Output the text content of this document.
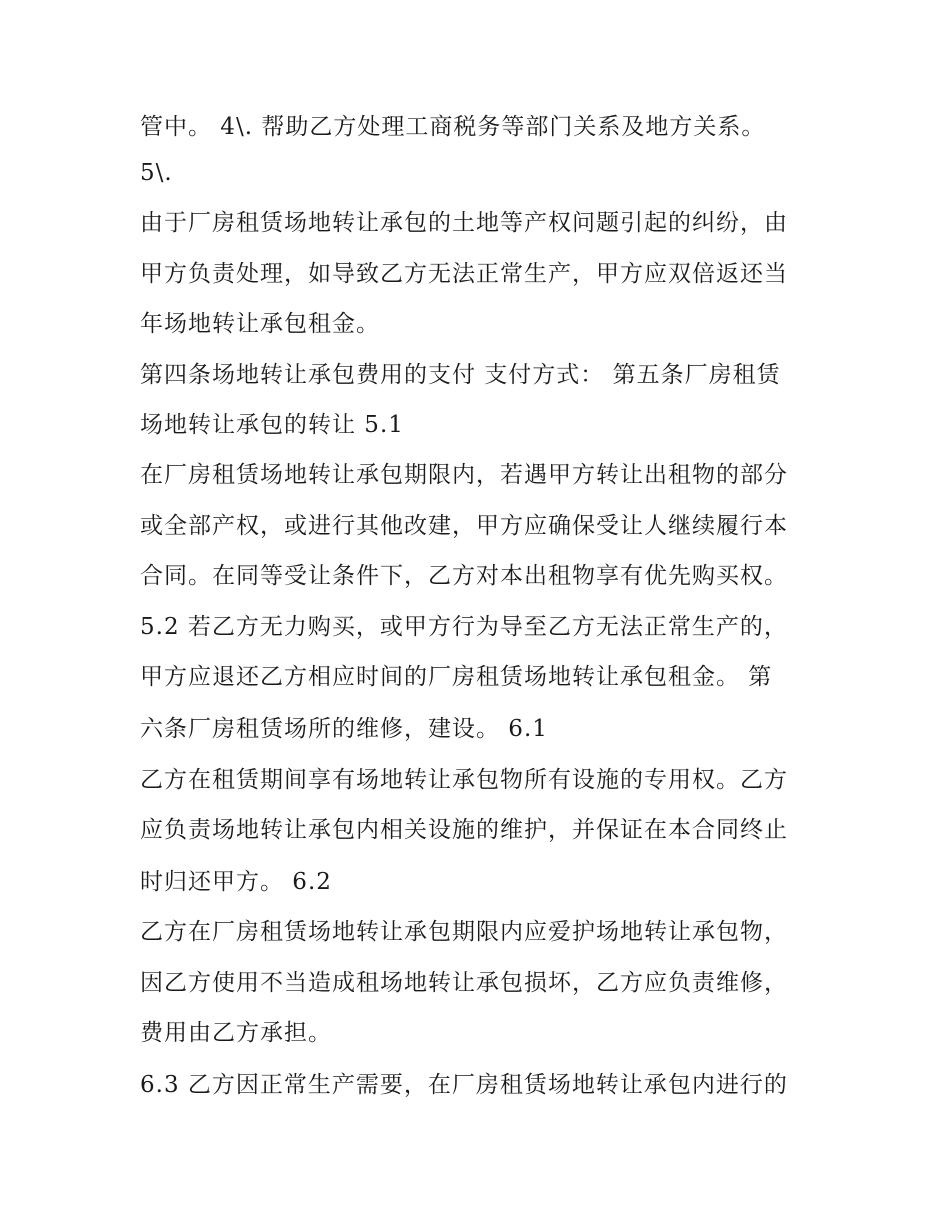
管中。 4\. 帮助乙方处理工商税务等部门关系及地方关系。
5\.
由于厂房租赁场地转让承包的土地等产权问题引起的纠纷，由
甲方负责处理，如导致乙方无法正常生产，甲方应双倍返还当
年场地转让承包租金。
第四条场地转让承包费用的支付 支付方式： 第五条厂房租赁
场地转让承包的转让 5.1
在厂房租赁场地转让承包期限内，若遇甲方转让出租物的部分
或全部产权，或进行其他改建，甲方应确保受让人继续履行本
合同。在同等受让条件下，乙方对本出租物享有优先购买权。
5.2 若乙方无力购买，或甲方行为导至乙方无法正常生产的，
甲方应退还乙方相应时间的厂房租赁场地转让承包租金。 第
六条厂房租赁场所的维修，建设。 6.1
乙方在租赁期间享有场地转让承包物所有设施的专用权。乙方
应负责场地转让承包内相关设施的维护，并保证在本合同终止
时归还甲方。 6.2
乙方在厂房租赁场地转让承包期限内应爱护场地转让承包物，
因乙方使用不当造成租场地转让承包损坏，乙方应负责维修，
费用由乙方承担。
6.3 乙方因正常生产需要，在厂房租赁场地转让承包内进行的
